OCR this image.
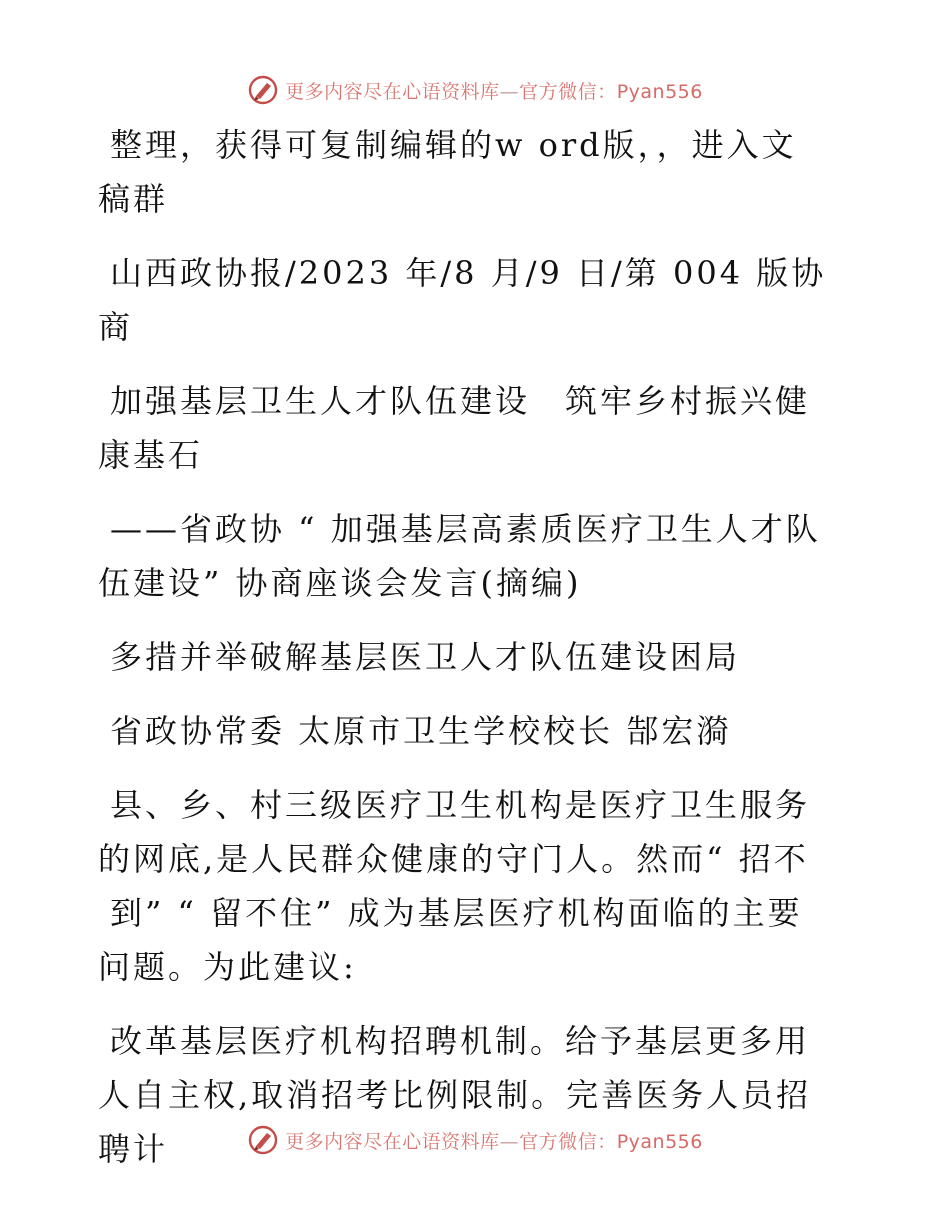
更多内容尽在心语资料库—官方微信：Pyan556

整理，获得可复制编辑的w ord版，，进入文稿群

山西政协报/2023 年/8 月/9 日/第 004 版协商

加强基层卫生人才队伍建设　筑牢乡村振兴健康基石

——省政协 “ 加强基层高素质医疗卫生人才队伍建设” 协商座谈会发言(摘编)

多措并举破解基层医卫人才队伍建设困局

省政协常委 太原市卫生学校校长 郜宏漪

县、乡、村三级医疗卫生机构是医疗卫生服务的网底,是人民群众健康的守门人。然而“ 招不

到” “ 留不住” 成为基层医疗机构面临的主要问题。为此建议:

改革基层医疗机构招聘机制。给予基层更多用人自主权,取消招考比例限制。完善医务人员招聘计	更多内容尽在心语资料库—官方微信：Pyan556
